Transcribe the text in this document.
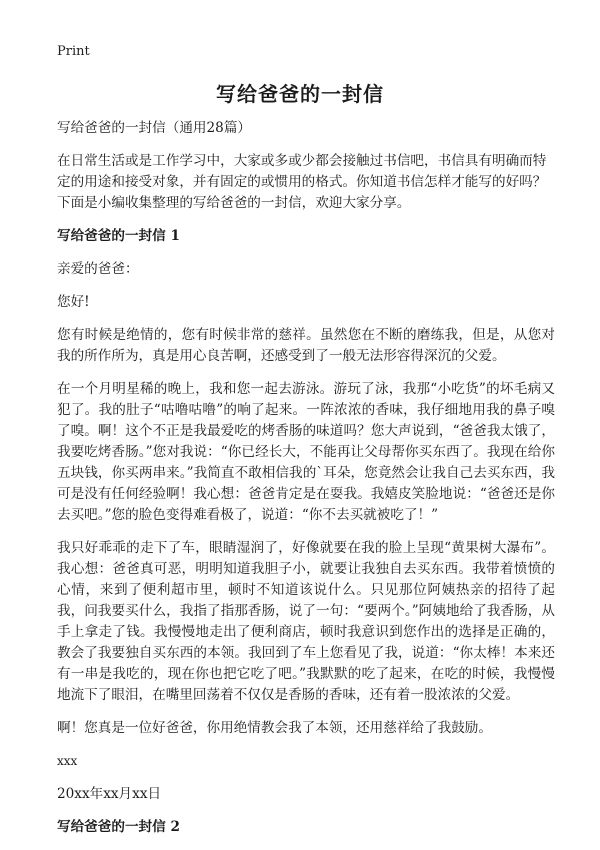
Print
写给爸爸的一封信

写给爸爸的一封信（通用28篇）

在日常生活或是工作学习中，大家或多或少都会接触过书信吧，书信具有明确而特定的用途和接受对象，并有固定的或惯用的格式。你知道书信怎样才能写的好吗？下面是小编收集整理的写给爸爸的一封信，欢迎大家分享。

写给爸爸的一封信 1

亲爱的爸爸：

您好!

您有时候是绝情的，您有时候非常的慈祥。虽然您在不断的磨练我，但是，从您对我的所作所为，真是用心良苦啊，还感受到了一般无法形容得深沉的父爱。

在一个月明星稀的晚上，我和您一起去游泳。游玩了泳，我那“小吃货”的坏毛病又犯了。我的肚子“咕噜咕噜”的响了起来。一阵浓浓的香味，我仔细地用我的鼻子嗅了嗅。啊！这个不正是我最爱吃的烤香肠的味道吗？您大声说到，“爸爸我太饿了，我要吃烤香肠。”您对我说：“你已经长大，不能再让父母帮你买东西了。我现在给你五块钱，你买两串来。”我简直不敢相信我的`耳朵，您竟然会让我自己去买东西，我可是没有任何经验啊！我心想：爸爸肯定是在耍我。我嬉皮笑脸地说：“爸爸还是你去买吧。”您的脸色变得难看极了，说道：“你不去买就被吃了！”

我只好乖乖的走下了车，眼睛湿润了，好像就要在我的脸上呈现“黄果树大瀑布”。我心想：爸爸真可恶，明明知道我胆子小，就要让我独自去买东西。我带着愤愤的心情，来到了便利超市里，顿时不知道该说什么。只见那位阿姨热亲的招待了起我，问我要买什么，我指了指那香肠，说了一句：“要两个。”阿姨地给了我香肠，从手上拿走了钱。我慢慢地走出了便利商店，顿时我意识到您作出的选择是正确的，教会了我要独自买东西的本领。我回到了车上您看见了我，说道：“你太棒！本来还有一串是我吃的，现在你也把它吃了吧。”我默默的吃了起来，在吃的时候，我慢慢地流下了眼泪，在嘴里回荡着不仅仅是香肠的香味，还有着一股浓浓的父爱。

啊！您真是一位好爸爸，你用绝情教会我了本领，还用慈祥给了我鼓励。

xxx

20xx年xx月xx日

写给爸爸的一封信 2
